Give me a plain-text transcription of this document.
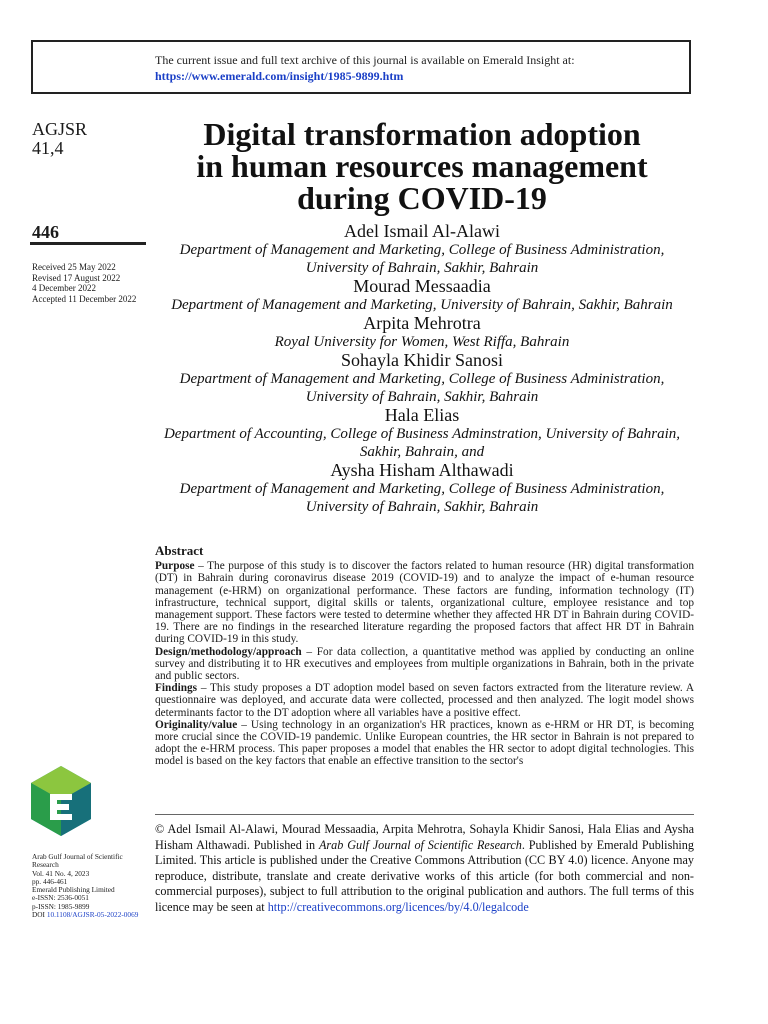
The current issue and full text archive of this journal is available on Emerald Insight at:
https://www.emerald.com/insight/1985-9899.htm
AGJSR
41,4
446
Received 25 May 2022
Revised 17 August 2022
4 December 2022
Accepted 11 December 2022
Arab Gulf Journal of Scientific
Research
Vol. 41 No. 4, 2023
pp. 446-461
Emerald Publishing Limited
e-ISSN: 2536-0051
p-ISSN: 1985-9899
DOI 10.1108/AGJSR-05-2022-0069
Digital transformation adoption
in human resources management
during COVID-19
Adel Ismail Al-Alawi
Department of Management and Marketing, College of Business Administration,
University of Bahrain, Sakhir, Bahrain
Mourad Messaadia
Department of Management and Marketing, University of Bahrain, Sakhir, Bahrain
Arpita Mehrotra
Royal University for Women, West Riffa, Bahrain
Sohayla Khidir Sanosi
Department of Management and Marketing, College of Business Administration,
University of Bahrain, Sakhir, Bahrain
Hala Elias
Department of Accounting, College of Business Adminstration, University of Bahrain,
Sakhir, Bahrain, and
Aysha Hisham Althawadi
Department of Management and Marketing, College of Business Administration,
University of Bahrain, Sakhir, Bahrain
Abstract

Purpose – The purpose of this study is to discover the factors related to human resource (HR) digital transformation (DT) in Bahrain during coronavirus disease 2019 (COVID-19) and to analyze the impact of e-human resource management (e-HRM) on organizational performance. These factors are funding, information technology (IT) infrastructure, technical support, digital skills or talents, organizational culture, employee resistance and top management support. These factors were tested to determine whether they affected HR DT in Bahrain during COVID-19. There are no findings in the researched literature regarding the proposed factors that affect HR DT in Bahrain during COVID-19 in this study.

Design/methodology/approach – For data collection, a quantitative method was applied by conducting an online survey and distributing it to HR executives and employees from multiple organizations in Bahrain, both in the private and public sectors.

Findings – This study proposes a DT adoption model based on seven factors extracted from the literature review. A questionnaire was deployed, and accurate data were collected, processed and then analyzed. The logit model shows determinants factor to the DT adoption where all variables have a positive effect.

Originality/value – Using technology in an organization's HR practices, known as e-HRM or HR DT, is becoming more crucial since the COVID-19 pandemic. Unlike European countries, the HR sector in Bahrain is not prepared to adopt the e-HRM process. This paper proposes a model that enables the HR sector to adopt digital technologies. This model is based on the key factors that enable an effective transition to the sector's

© Adel Ismail Al-Alawi, Mourad Messaadia, Arpita Mehrotra, Sohayla Khidir Sanosi, Hala Elias and Aysha Hisham Althawadi. Published in Arab Gulf Journal of Scientific Research. Published by Emerald Publishing Limited. This article is published under the Creative Commons Attribution (CC BY 4.0) licence. Anyone may reproduce, distribute, translate and create derivative works of this article (for both commercial and non-commercial purposes), subject to full attribution to the original publication and authors. The full terms of this licence may be seen at http://creativecommons.org/licences/by/4.0/legalcode
